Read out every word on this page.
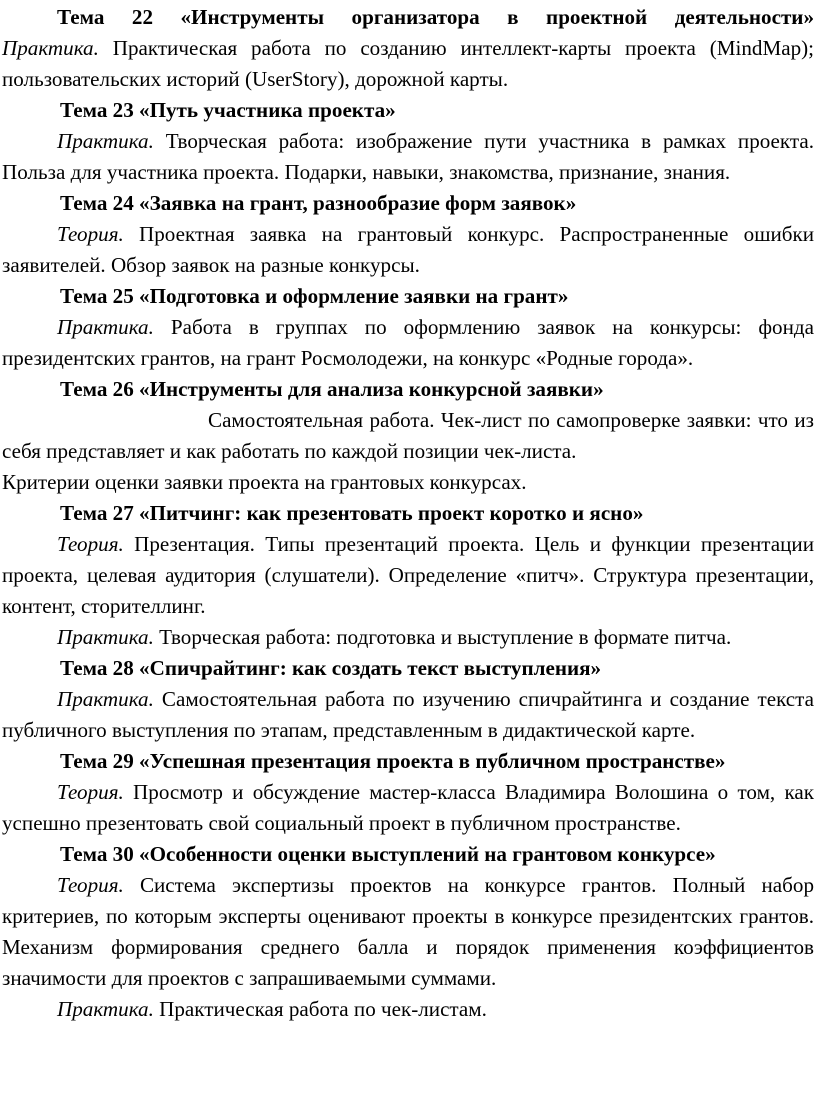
Тема 22 «Инструменты организатора в проектной деятельности»

Практика. Практическая работа по созданию интеллект-карты проекта (MindMap); пользовательских историй (UserStory), дорожной карты.

Тема 23 «Путь участника проекта»

Практика. Творческая работа: изображение пути участника в рамках проекта. Польза для участника проекта. Подарки, навыки, знакомства, признание, знания.

Тема 24 «Заявка на грант, разнообразие форм заявок»

Теория. Проектная заявка на грантовый конкурс. Распространенные ошибки заявителей. Обзор заявок на разные конкурсы.

Тема 25 «Подготовка и оформление заявки на грант»

Практика. Работа в группах по оформлению заявок на конкурсы: фонда президентских грантов, на грант Росмолодежи, на конкурс «Родные города».

Тема 26 «Инструменты для анализа конкурсной заявки»

Самостоятельная работа. Чек-лист по самопроверке заявки: что из себя представляет и как работать по каждой позиции чек-листа.

Критерии оценки заявки проекта на грантовых конкурсах.

Тема 27 «Питчинг: как презентовать проект коротко и ясно»

Теория. Презентация. Типы презентаций проекта. Цель и функции презентации проекта, целевая аудитория (слушатели). Определение «питч». Структура презентации, контент, сторителлинг.

Практика. Творческая работа: подготовка и выступление в формате питча.

Тема 28 «Спичрайтинг: как создать текст выступления»

Практика. Самостоятельная работа по изучению спичрайтинга и создание текста публичного выступления по этапам, представленным в дидактической карте.

Тема 29 «Успешная презентация проекта в публичном пространстве»

Теория. Просмотр и обсуждение мастер-класса Владимира Волошина о том, как успешно презентовать свой социальный проект в публичном пространстве.

Тема 30 «Особенности оценки выступлений на грантовом конкурсе»

Теория. Система экспертизы проектов на конкурсе грантов. Полный набор критериев, по которым эксперты оценивают проекты в конкурсе президентских грантов. Механизм формирования среднего балла и порядок применения коэффициентов значимости для проектов с запрашиваемыми суммами.

Практика. Практическая работа по чек-листам.
